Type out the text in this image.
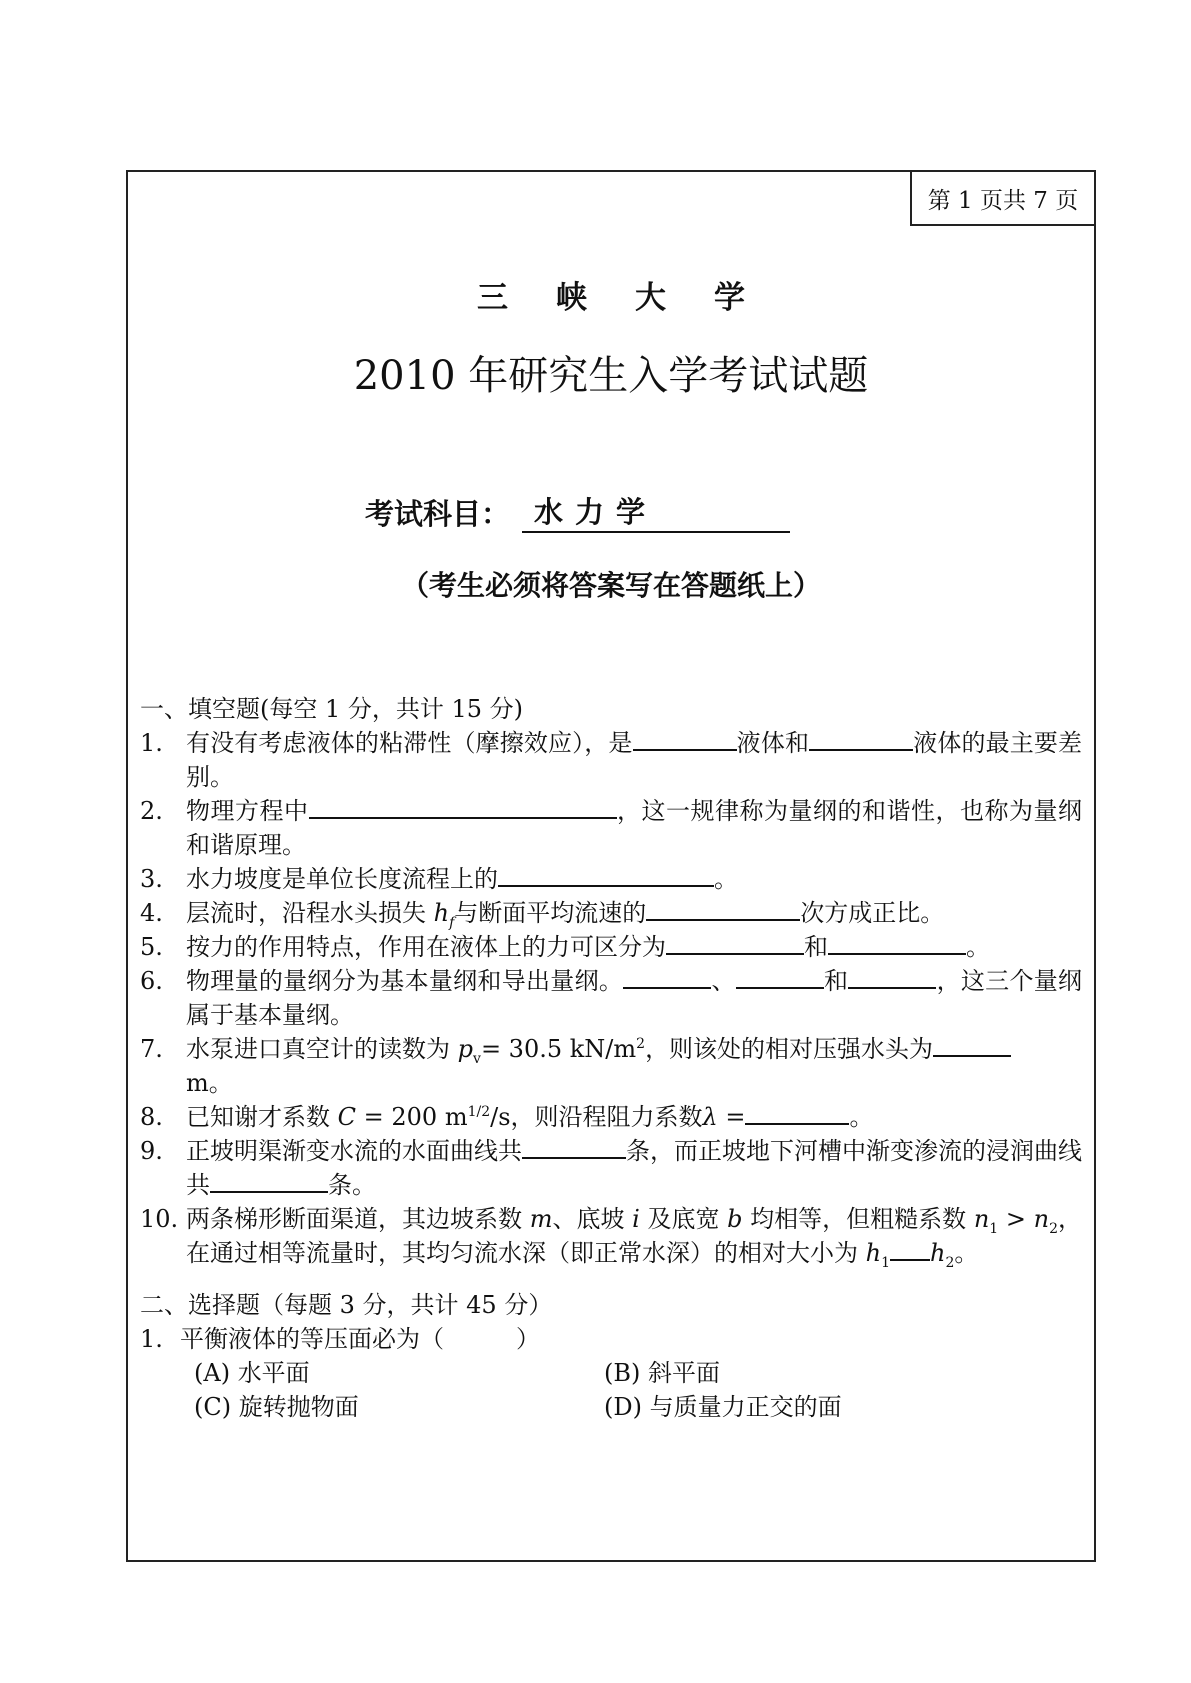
第 1 页共 7 页
三峡大学
2010 年研究生入学考试试题
考试科目： 水力学
（考生必须将答案写在答题纸上）

一、填空题(每空 1 分，共计 15 分)

1. 有没有考虑液体的粘滞性（摩擦效应），是	液体和	液体的最主要差别。
2. 物理方程中	，这一规律称为量纲的和谐性，也称为量纲和谐原理。
3. 水力坡度是单位长度流程上的	。
4. 层流时，沿程水头损失 $h_f$与断面平均流速的	次方成正比。
5. 按力的作用特点，作用在液体上的力可区分为	和	。
6. 物理量的量纲分为基本量纲和导出量纲。	、	和	，这三个量纲属于基本量纲。
7. 水泵进口真空计的读数为 $p_v= 30.5$ $kN/m^2$，则该处的相对压强水头为
m。
8. 已知谢才系数 C = 200 $m^{1/2}/s$，则沿程阻力系数λ =	。
9. 正坡明渠渐变水流的水面曲线共	条，而正坡地下河槽中渐变渗流的浸润曲线共	条。
10. 两条梯形断面渠道，其边坡系数 m、底坡 i 及底宽 b 均相等，但粗糙系数 $n_1 > n_2$，在通过相等流量时，其均匀流水深（即正常水深）的相对大小为 $h_1$ $h_2$。

二、选择题（每题 3 分，共计 45 分）

1. 平衡液体的等压面必为（　　　）
(A) 水平面	(B) 斜平面
(C) 旋转抛物面	(D) 与质量力正交的面
